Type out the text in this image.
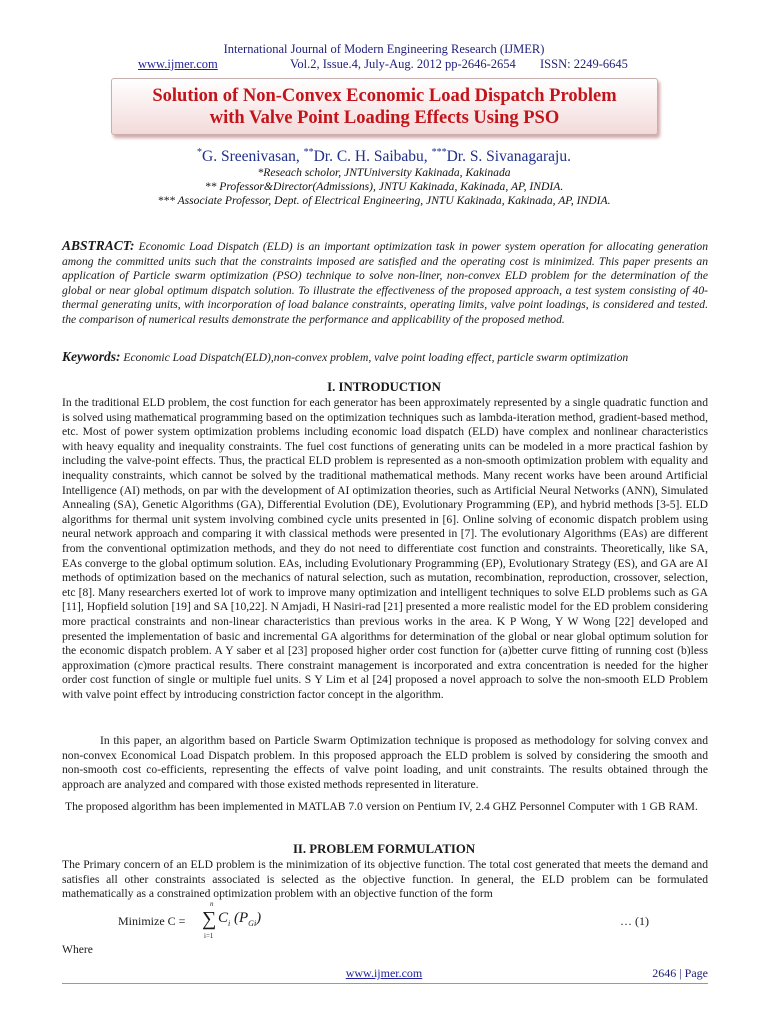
International Journal of Modern Engineering Research (IJMER)
www.ijmer.com	Vol.2, Issue.4, July-Aug. 2012 pp-2646-2654 ISSN: 2249-6645
Solution of Non-Convex Economic Load Dispatch Problem
with Valve Point Loading Effects Using PSO
*G. Sreenivasan, **Dr. C. H. Saibabu, ***Dr. S. Sivanagaraju.
*Reseach scholor, JNTUniversity Kakinada, Kakinada
** Professor&Director(Admissions), JNTU Kakinada, Kakinada, AP, INDIA.
*** Associate Professor, Dept. of Electrical Engineering, JNTU Kakinada, Kakinada, AP, INDIA.
ABSTRACT: Economic Load Dispatch (ELD) is an important optimization task in power system operation for allocating generation among the committed units such that the constraints imposed are satisfied and the operating cost is minimized. This paper presents an application of Particle swarm optimization (PSO) technique to solve non-liner, non-convex ELD problem for the determination of the global or near global optimum dispatch solution. To illustrate the effectiveness of the proposed approach, a test system consisting of 40-thermal generating units, with incorporation of load balance constraints, operating limits, valve point loadings, is considered and tested. the comparison of numerical results demonstrate the performance and applicability of the proposed method.
Keywords: Economic Load Dispatch(ELD),non-convex problem, valve point loading effect, particle swarm optimization
I. INTRODUCTION
In the traditional ELD problem, the cost function for each generator has been approximately represented by a single quadratic function and is solved using mathematical programming based on the optimization techniques such as lambda-iteration method, gradient-based method, etc. Most of power system optimization problems including economic load dispatch (ELD) have complex and nonlinear characteristics with heavy equality and inequality constraints. The fuel cost functions of generating units can be modeled in a more practical fashion by including the valve-point effects. Thus, the practical ELD problem is represented as a non-smooth optimization problem with equality and inequality constraints, which cannot be solved by the traditional mathematical methods. Many recent works have been around Artificial Intelligence (AI) methods, on par with the development of AI optimization theories, such as Artificial Neural Networks (ANN), Simulated Annealing (SA), Genetic Algorithms (GA), Differential Evolution (DE), Evolutionary Programming (EP), and hybrid methods [3-5]. ELD algorithms for thermal unit system involving combined cycle units presented in [6]. Online solving of economic dispatch problem using neural network approach and comparing it with classical methods were presented in [7]. The evolutionary Algorithms (EAs) are different from the conventional optimization methods, and they do not need to differentiate cost function and constraints. Theoretically, like SA, EAs converge to the global optimum solution. EAs, including Evolutionary Programming (EP), Evolutionary Strategy (ES), and GA are AI methods of optimization based on the mechanics of natural selection, such as mutation, recombination, reproduction, crossover, selection, etc [8]. Many researchers exerted lot of work to improve many optimization and intelligent techniques to solve ELD problems such as GA [11], Hopfield solution [19] and SA [10,22]. N Amjadi, H Nasiri-rad [21] presented a more realistic model for the ED problem considering more practical constraints and non-linear characteristics than previous works in the area. K P Wong, Y W Wong [22] developed and presented the implementation of basic and incremental GA algorithms for determination of the global or near global optimum solution for the economic dispatch problem. A Y saber et al [23] proposed higher order cost function for (a)better curve fitting of running cost (b)less approximation (c)more practical results. There constraint management is incorporated and extra concentration is needed for the higher order cost function of single or multiple fuel units. S Y Lim et al [24] proposed a novel approach to solve the non-smooth ELD Problem with valve point effect by introducing constriction factor concept in the algorithm.
In this paper, an algorithm based on Particle Swarm Optimization technique is proposed as methodology for solving convex and non-convex Economical Load Dispatch problem. In this proposed approach the ELD problem is solved by considering the smooth and non-smooth cost co-efficients, representing the effects of valve point loading, and unit constraints. The results obtained through the approach are analyzed and compared with those existed methods represented in literature.
The proposed algorithm has been implemented in MATLAB 7.0 version on Pentium IV, 2.4 GHZ Personnel Computer with 1 GB RAM.
II. PROBLEM FORMULATION
The Primary concern of an ELD problem is the minimization of its objective function. The total cost generated that meets the demand and satisfies all other constraints associated is selected as the objective function. In general, the ELD problem can be formulated mathematically as a constrained optimization problem with an objective function of the form
Minimize C =
n
∑
i=1
$C_i$ $(P_{Gi})$	… (1)
Where
www.ijmer.com	2646 | Page
